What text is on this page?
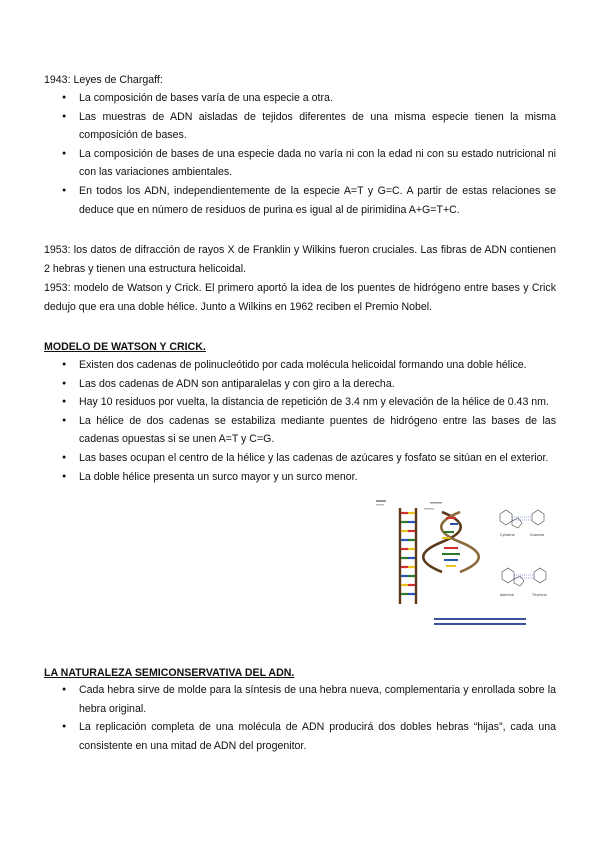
1943: Leyes de Chargaff:

● La composición de bases varía de una especie a otra.
● Las muestras de ADN aisladas de tejidos diferentes de una misma especie tienen la misma composición de bases.
● La composición de bases de una especie dada no varía ni con la edad ni con su estado nutricional ni con las variaciones ambientales.
● En todos los ADN, independientemente de la especie A=T y G=C. A partir de estas relaciones se deduce que en número de residuos de purina es igual al de pirimidina A+G=T+C.

1953: los datos de difracción de rayos X de Franklin y Wilkins fueron cruciales. Las fibras de ADN contienen 2 hebras y tienen una estructura helicoidal.

1953: modelo de Watson y Crick. El primero aportó la idea de los puentes de hidrógeno entre bases y Crick dedujo que era una doble hélice. Junto a Wilkins en 1962 reciben el Premio Nobel.

MODELO DE WATSON Y CRICK.

● Existen dos cadenas de polinucleótido por cada molécula helicoidal formando una doble hélice.
● Las dos cadenas de ADN son antiparalelas y con giro a la derecha.
● Hay 10 residuos por vuelta, la distancia de repetición de 3.4 nm y elevación de la hélice de 0.43 nm.
● La hélice de dos cadenas se estabiliza mediante puentes de hidrógeno entre las bases de las cadenas opuestas si se unen A=T y C=G.
● Las bases ocupan el centro de la hélice y las cadenas de azúcares y fosfato se sitúan en el exterior.
● La doble hélice presenta un surco mayor y un surco menor.
Cytosine	Guanine
Adenine	Thymine

LA NATURALEZA SEMICONSERVATIVA DEL ADN.

● Cada hebra sirve de molde para la síntesis de una hebra nueva, complementaria y enrollada sobre la hebra original.
● La replicación completa de una molécula de ADN producirá dos dobles hebras “hijas”, cada una consistente en una mitad de ADN del progenitor.
